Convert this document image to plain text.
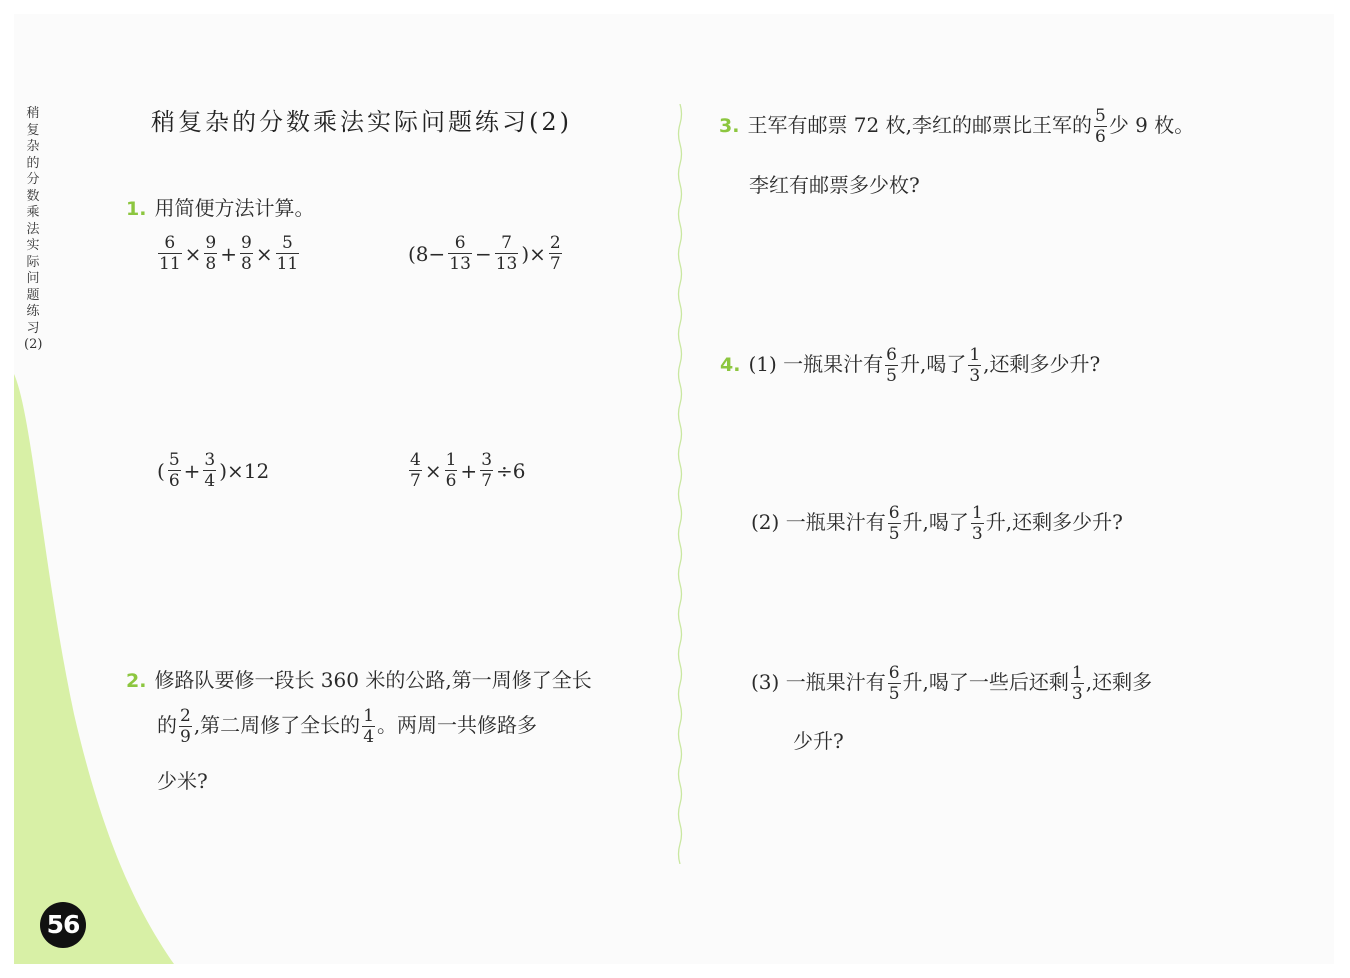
稍复杂的分数乘法实际问题练习(2)
稍复杂的分数乘法实际问题练习(2)
1. 用简便方法计算。
$\frac{6}{11} \times \frac{9}{8} + \frac{9}{8} \times \frac{5}{11}$	($8- \frac{6}{13} - \frac{7}{13}$ )× $\frac{2}{7}$
( $\frac{5}{6} + \frac{3}{4} )\times 12$	$\frac{4}{7} \times \frac{1}{6} + \frac{3}{7} \div 6$
2. 修路队要修一段长 360 米的公路,第一周修了全长
的 $\frac{2}{9}$ ,第二周修了全长的 $\frac{1}{4}$ 。两周一共修路多
少米?
3. 王军有邮票 72 枚,李红的邮票比王军的 $\frac{5}{6}$ 少 9 枚。
李红有邮票多少枚?
4. (1) 一瓶果汁有 $\frac{6}{5}$ 升,喝了 $\frac{1}{3}$ ,还剩多少升?
(2) 一瓶果汁有 $\frac{6}{5}$ 升,喝了 $\frac{1}{3}$ 升,还剩多少升?
(3) 一瓶果汁有 $\frac{6}{5}$ 升,喝了一些后还剩 $\frac{1}{3}$ ,还剩多
少升?
56
